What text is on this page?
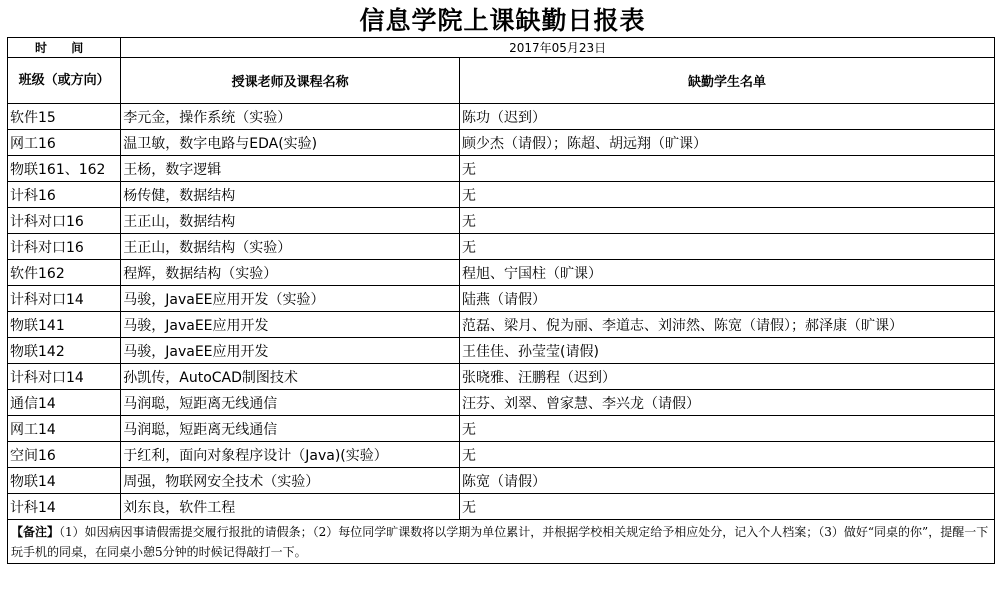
信息学院上课缺勤日报表
时 间	2017年05月23日	
班级（或方向）	授课老师及课程名称	缺勤学生名单
软件15	李元金，操作系统（实验）	陈功（迟到）
网工16	温卫敏，数字电路与EDA(实验)	顾少杰（请假）；陈超、胡远翔（旷课）
物联161、162	王杨，数字逻辑	无
计科16	杨传健，数据结构	无
计科对口16	王正山，数据结构	无
计科对口16	王正山，数据结构（实验）	无
软件162	程辉，数据结构（实验）	程旭、宁国柱（旷课）
计科对口14	马骏，JavaEE应用开发（实验）	陆燕（请假）
物联141	马骏，JavaEE应用开发	范磊、梁月、倪为丽、李道志、刘沛然、陈宽（请假）；郝泽康（旷课）
物联142	马骏，JavaEE应用开发	王佳佳、孙莹莹(请假)
计科对口14	孙凯传，AutoCAD制图技术	张晓雅、汪鹏程（迟到）
通信14	马润聪，短距离无线通信	汪芬、刘翠、曾家慧、李兴龙（请假）
网工14	马润聪，短距离无线通信	无
空间16	于红利，面向对象程序设计（Java)(实验）	无
物联14	周强，物联网安全技术（实验）	陈宽（请假）
计科14	刘东良，软件工程	无
【备注】（1）如因病因事请假需提交履行报批的请假条；（2）每位同学旷课数将以学期为单位累计，并根据学校相关规定给予相应处分，记入个人档案；（3）做好“同桌的你”，提醒一下玩手机的同桌，在同桌小憩5分钟的时候记得敲打一下。		
